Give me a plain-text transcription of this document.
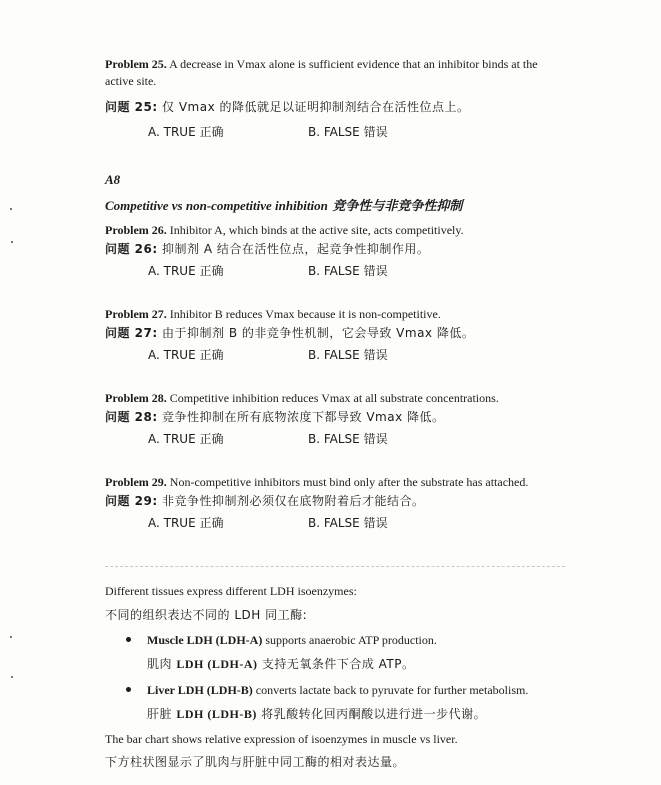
Problem 25. A decrease in Vmax alone is sufficient evidence that an inhibitor binds at the
active site.
问题 25: 仅 Vmax 的降低就足以证明抑制剂结合在活性位点上。
A. TRUE 正确	B. FALSE 错误
A8
Competitive vs non-competitive inhibition 竞争性与非竞争性抑制
Problem 26. Inhibitor A, which binds at the active site, acts competitively.
问题 26: 抑制剂 A 结合在活性位点，起竞争性抑制作用。
A. TRUE 正确	B. FALSE 错误
Problem 27. Inhibitor B reduces Vmax because it is non-competitive.
问题 27: 由于抑制剂 B 的非竞争性机制，它会导致 Vmax 降低。
A. TRUE 正确	B. FALSE 错误
Problem 28. Competitive inhibition reduces Vmax at all substrate concentrations.
问题 28: 竞争性抑制在所有底物浓度下都导致 Vmax 降低。
A. TRUE 正确	B. FALSE 错误
Problem 29. Non-competitive inhibitors must bind only after the substrate has attached.
问题 29: 非竞争性抑制剂必须仅在底物附着后才能结合。
A. TRUE 正确	B. FALSE 错误
Different tissues express different LDH isoenzymes:
不同的组织表达不同的 LDH 同工酶:
Muscle LDH (LDH-A) supports anaerobic ATP production.
肌肉 LDH (LDH-A) 支持无氧条件下合成 ATP。
Liver LDH (LDH-B) converts lactate back to pyruvate for further metabolism.
肝脏 LDH (LDH-B) 将乳酸转化回丙酮酸以进行进一步代谢。
The bar chart shows relative expression of isoenzymes in muscle vs liver.
下方柱状图显示了肌肉与肝脏中同工酶的相对表达量。
